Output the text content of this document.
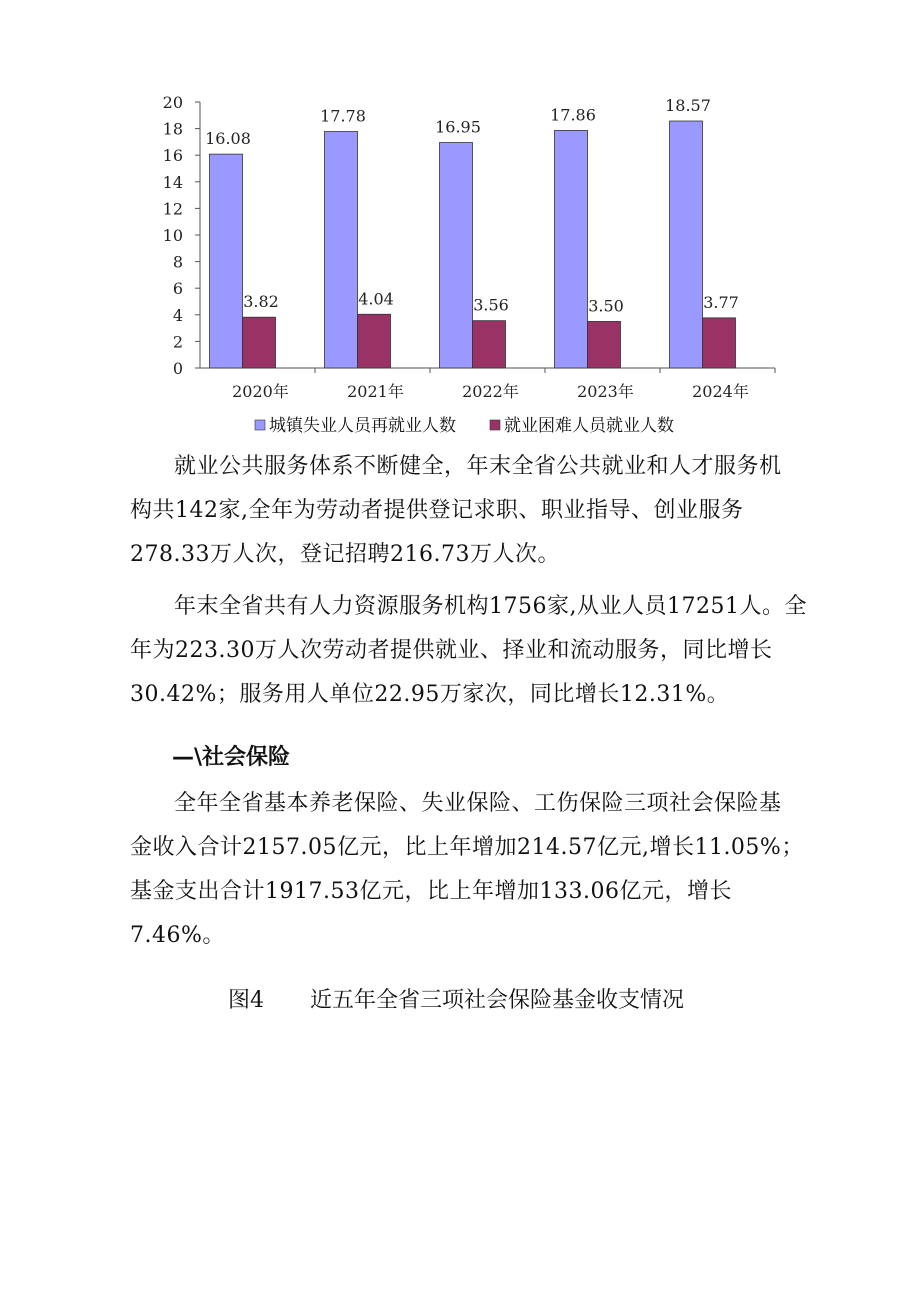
0
2
4
6
8
10
12
14
16
18
20
16.08
3.82
2020年
17.78
4.04
2021年
16.95
3.56
2022年
17.86
3.50
2023年
18.57
3.77
2024年
城镇失业人员再就业人数	就业困难人员就业人数

就业公共服务体系不断健全，年末全省公共就业和人才服务机
构共142家,全年为劳动者提供登记求职、职业指导、创业服务
278.33万人次，登记招聘216.73万人次。

年末全省共有人力资源服务机构1756家,从业人员17251人。全
年为223.30万人次劳动者提供就业、择业和流动服务，同比增长
30.42%；服务用人单位22.95万家次，同比增长12.31%。

—\社会保险

全年全省基本养老保险、失业保险、工伤保险三项社会保险基
金收入合计2157.05亿元，比上年增加214.57亿元,增长11.05%；
基金支出合计1917.53亿元，比上年增加133.06亿元，增长
7.46%。

图4 近五年全省三项社会保险基金收支情况
